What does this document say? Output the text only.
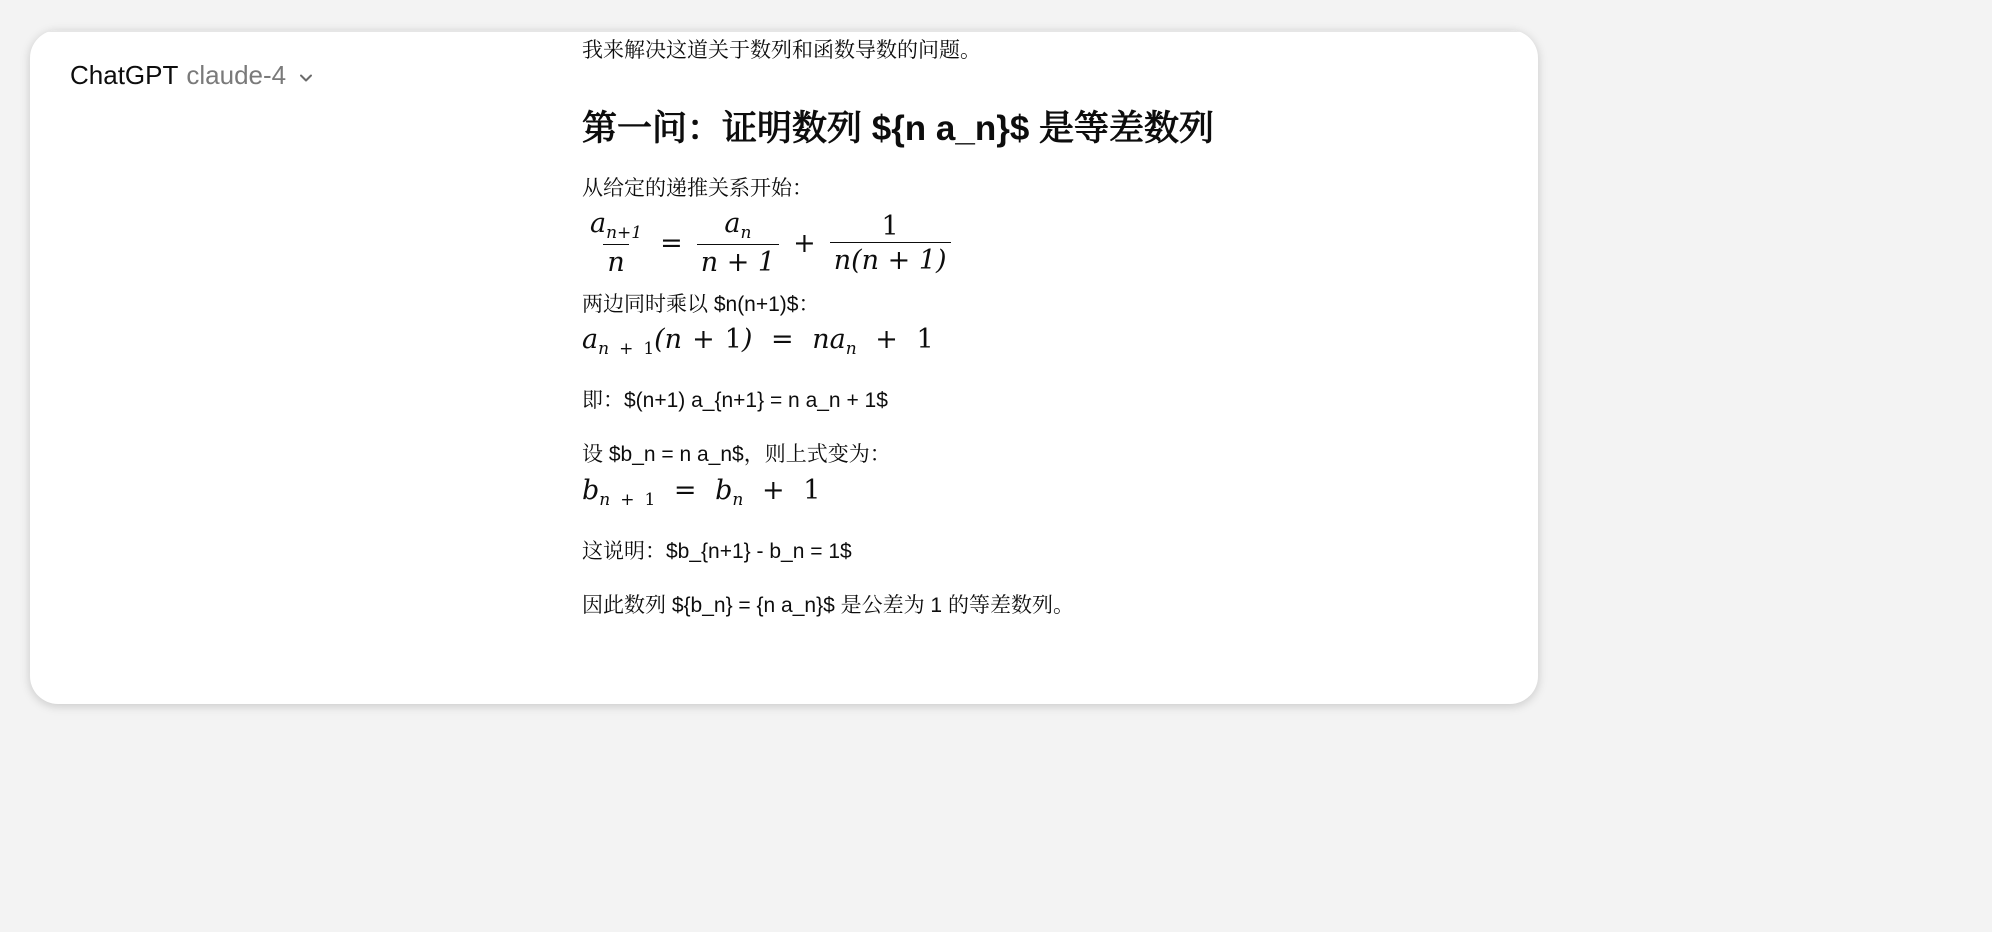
ChatGPT claude-4

我来解决这道关于数列和函数导数的问题。

第一问：证明数列 ${n a_n}$ 是等差数列

从给定的递推关系开始：

$\frac{a_{n+1}}{n} = \frac{a_n}{n + 1} + \frac{1}{n(n + 1)}$

两边同时乘以 $n(n+1)$：

$a_{n + 1}(n + 1) = na_n + 1$

即：$(n+1) a_{n+1} = n a_n + 1$

设 $b_n = n a_n$，则上式变为：

$b_{n + 1} = b_n + 1$

这说明：$b_{n+1} - b_n = 1$

因此数列 ${b_n} = {n a_n}$ 是公差为 1 的等差数列。
